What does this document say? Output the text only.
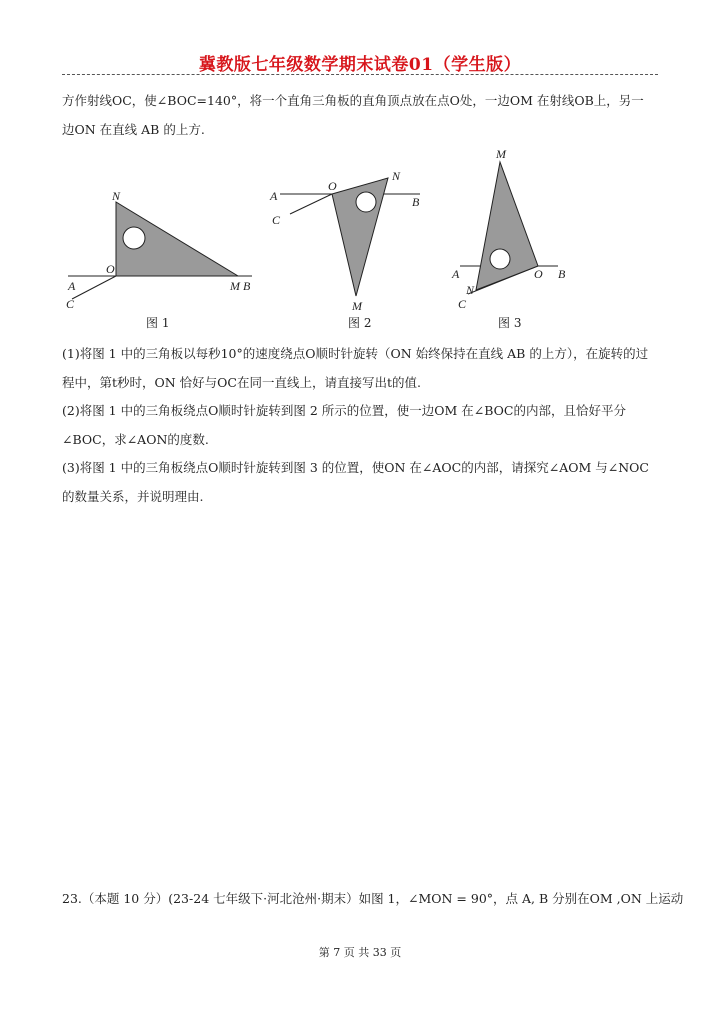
冀教版七年级数学期末试卷01（学生版）
方作射线OC，使∠BOC=140°，将一个直角三角板的直角顶点放在点O处，一边OM 在射线OB上，另一
边ON 在直线 AB 的上方.
N
O
A
C
M B
图 1
A
O
N
B
C
M
图 2
M
A	O B
N
C
图 3
(1)将图 1 中的三角板以每秒10°的速度绕点O顺时针旋转（ON 始终保持在直线 AB 的上方），在旋转的过
程中，第t秒时，ON 恰好与OC在同一直线上，请直接写出t的值.
(2)将图 1 中的三角板绕点O顺时针旋转到图 2 所示的位置，使一边OM 在∠BOC的内部，且恰好平分
∠BOC，求∠AON的度数.
(3)将图 1 中的三角板绕点O顺时针旋转到图 3 的位置，使ON 在∠AOC的内部，请探究∠AOM 与∠NOC
的数量关系，并说明理由.
23.（本题 10 分）(23-24 七年级下·河北沧州·期末）如图 1，∠MON = 90°，点 A, B 分别在OM ,ON 上运动
第 7 页 共 33 页
